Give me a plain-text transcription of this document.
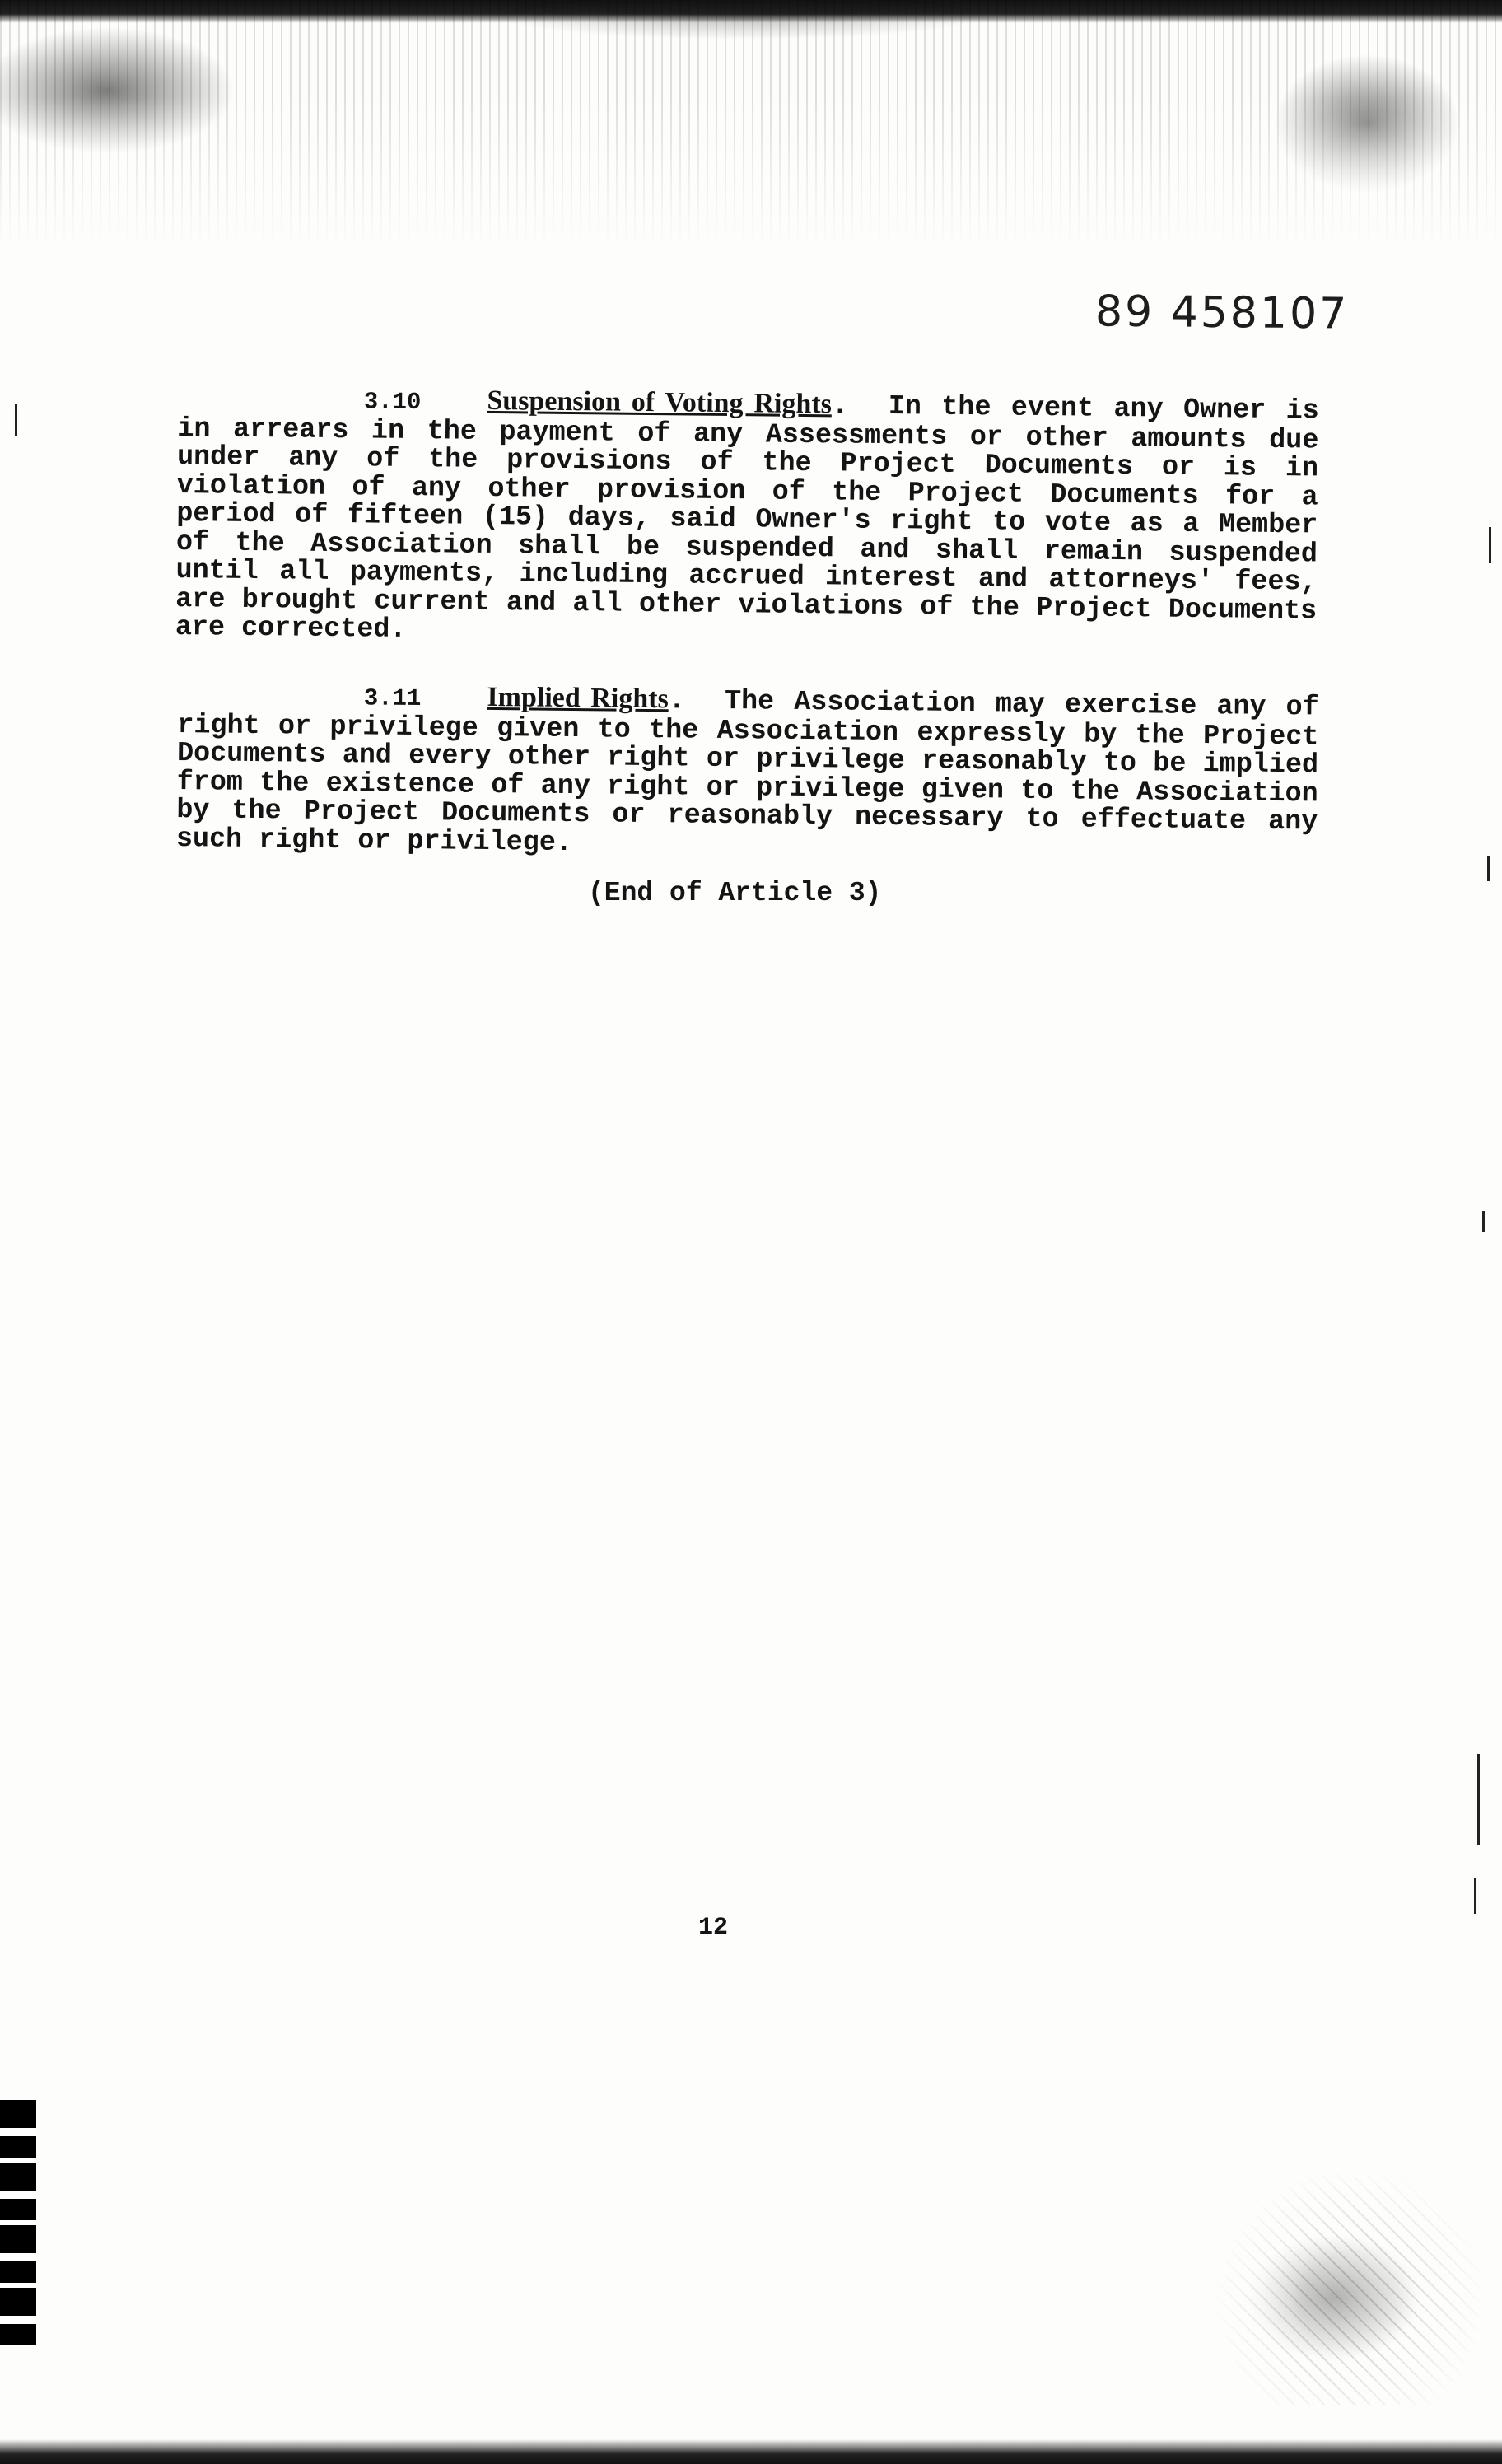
89 458107
3.10 Suspension of Voting Rights.  In the event any Owner is in arrears in the payment of any Assessments or other amounts due under any of the provisions of the Project Documents or is in violation of any other provision of the Project Documents for a period of fifteen (15) days, said Owner's right to vote as a Member of the Association shall be suspended and shall remain suspended until all payments, including accrued interest and attorneys' fees, are brought current and all other violations of the Project Documents are corrected.
3.11 Implied Rights.  The Association may exercise any of right or privilege given to the Association expressly by the Project Documents and every other right or privilege reasonably to be implied from the existence of any right or privilege given to the Association by the Project Documents or reasonably necessary to effectuate any such right or privilege.
(End of Article 3)
12
